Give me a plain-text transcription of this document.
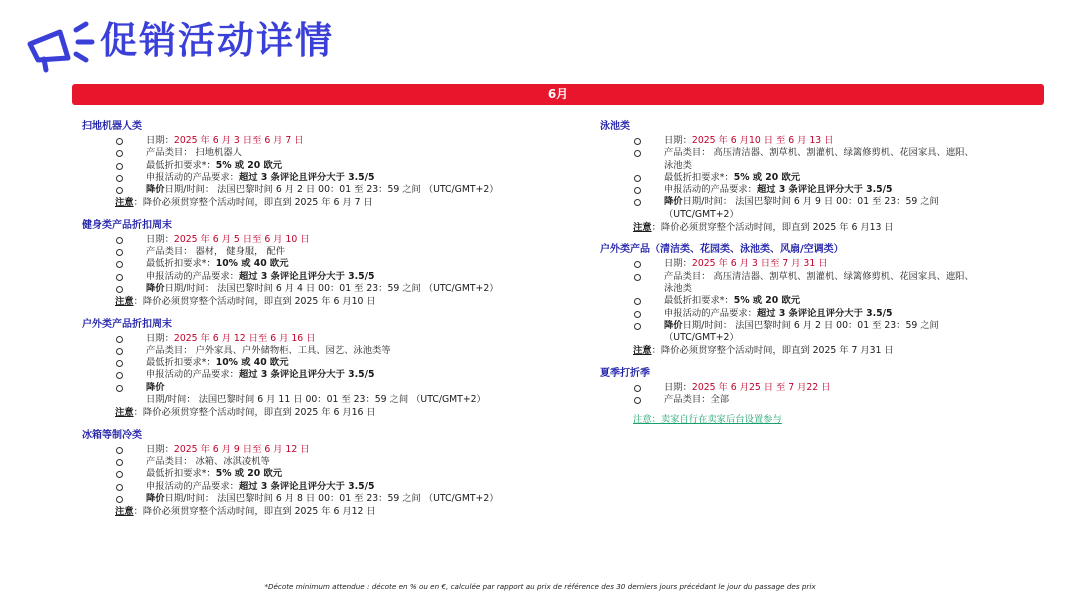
促销活动详情
6月
扫地机器人类
日期：2025 年 6 月 3 日至 6 月 7 日
产品类目： 扫地机器人
最低折扣要求*：5% 或 20 欧元
申报活动的产品要求：超过 3 条评论且评分大于 3.5/5
降价日期/时间： 法国巴黎时间 6 月 2 日 00：01 至 23：59 之间 （UTC/GMT+2）
注意：降价必须贯穿整个活动时间，即直到 2025 年 6 月 7 日
健身类产品折扣周末
日期：2025 年 6 月 5 日至 6 月 10 日
产品类目： 器材， 健身服， 配件
最低折扣要求*：10% 或 40 欧元
申报活动的产品要求：超过 3 条评论且评分大于 3.5/5
降价日期/时间： 法国巴黎时间 6 月 4 日 00：01 至 23：59 之间 （UTC/GMT+2）
注意：降价必须贯穿整个活动时间，即直到 2025 年 6 月10 日
户外类产品折扣周末
日期：2025 年 6 月 12 日至 6 月 16 日
产品类目： 户外家具、户外储物柜、工具、园艺、泳池类等
最低折扣要求*：10% 或 40 欧元
申报活动的产品要求：超过 3 条评论且评分大于 3.5/5
降价日期/时间： 法国巴黎时间 6 月 11 日 00：01 至 23：59 之间 （UTC/GMT+2）
注意：降价必须贯穿整个活动时间，即直到 2025 年 6 月16 日
冰箱等制冷类
日期：2025 年 6 月 9 日至 6 月 12 日
产品类目： 冰箱、冰淇凌机等
最低折扣要求*：5% 或 20 欧元
申报活动的产品要求：超过 3 条评论且评分大于 3.5/5
降价日期/时间： 法国巴黎时间 6 月 8 日 00：01 至 23：59 之间 （UTC/GMT+2）
注意：降价必须贯穿整个活动时间，即直到 2025 年 6 月12 日
泳池类
日期：2025 年 6 月10 日 至 6 月 13 日
产品类目： 高压清洁器、割草机、割灌机、绿篱修剪机、花园家具、遮阳、泳池类
最低折扣要求*：5% 或 20 欧元
申报活动的产品要求：超过 3 条评论且评分大于 3.5/5
降价日期/时间： 法国巴黎时间 6 月 9 日 00：01 至 23：59 之间 （UTC/GMT+2）
注意：降价必须贯穿整个活动时间，即直到 2025 年 6 月13 日
户外类产品（清洁类、花园类、泳池类、风扇/空调类）
日期：2025 年 6 月 3 日至 7 月 31 日
产品类目： 高压清洁器、割草机、割灌机、绿篱修剪机、花园家具、遮阳、泳池类
最低折扣要求*：5% 或 20 欧元
申报活动的产品要求：超过 3 条评论且评分大于 3.5/5
降价日期/时间： 法国巴黎时间 6 月 2 日 00：01 至 23：59 之间 （UTC/GMT+2）
注意：降价必须贯穿整个活动时间，即直到 2025 年 7 月31 日
夏季打折季
日期：2025 年 6 月25 日 至 7 月22 日
产品类目：全部
注意：卖家自行在卖家后台设置参与
*Décote minimum attendue : décote en % ou en €, calculée par rapport au prix de référence des 30 derniers jours précédant le jour du passage des prix
